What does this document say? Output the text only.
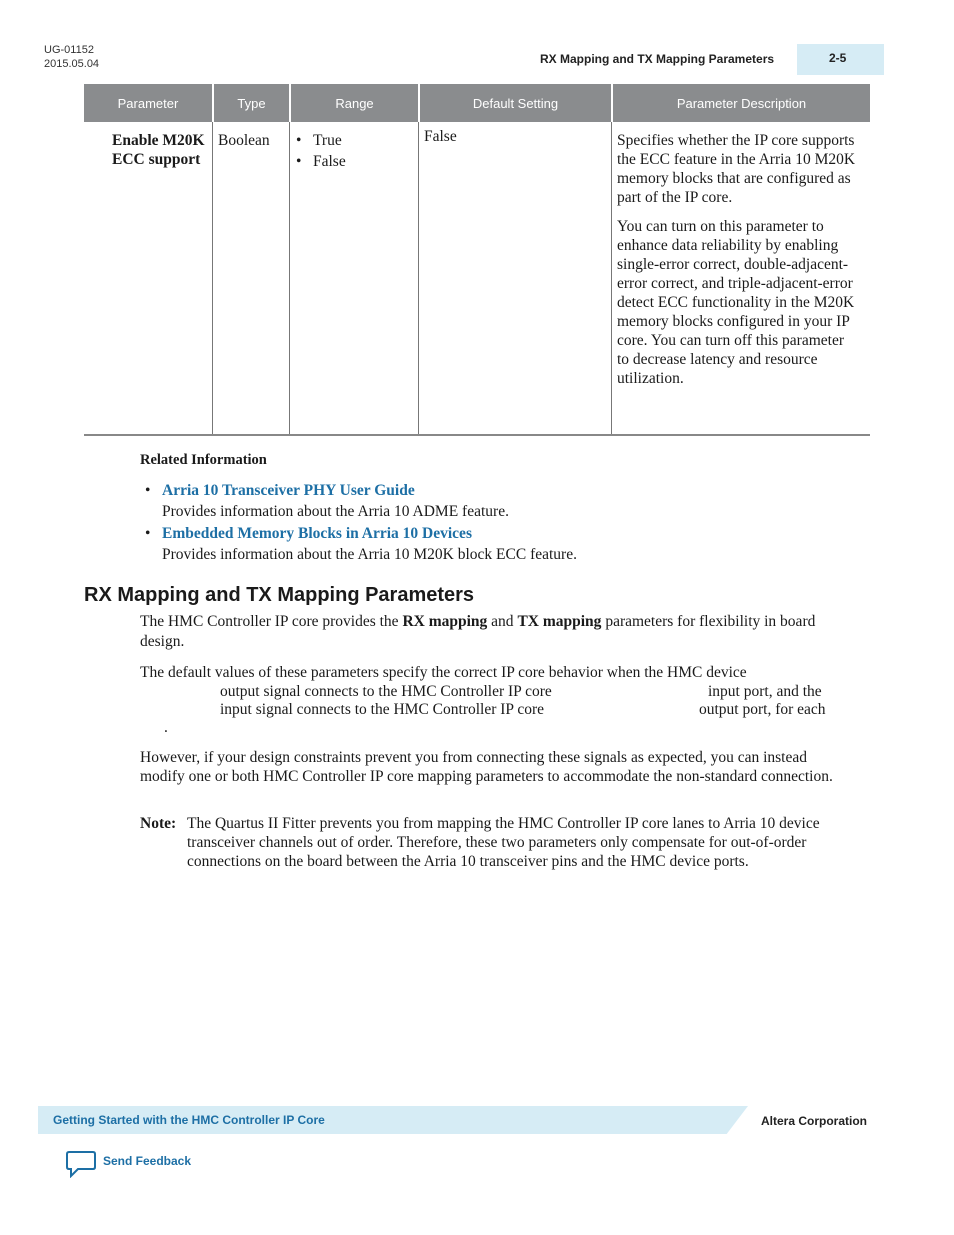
UG-01152
2015.05.04	RX Mapping and TX Mapping Parameters	2-5
Parameter	Type	Range	Default Setting	Parameter Description
Enable M20K ECC support
Boolean
•	True
• False
False	Specifies whether the IP core supports the ECC feature in the Arria 10 M20K memory blocks that are configured as part of the IP core.

You can turn on this parameter to enhance data reliability by enabling single-error correct, double-adjacent-error correct, and triple-adjacent-error detect ECC functionality in the M20K memory blocks configured in your IP core. You can turn off this parameter to decrease latency and resource utilization.

Related Information
• Arria 10 Transceiver PHY User Guide
Provides information about the Arria 10 ADME feature.
• Embedded Memory Blocks in Arria 10 Devices
Provides information about the Arria 10 M20K block ECC feature.
RX Mapping and TX Mapping Parameters
The HMC Controller IP core provides the RX mapping and TX mapping parameters for flexibility in board design.
The default values of these parameters specify the correct IP core behavior when the HMC device
output signal connects to the HMC Controller IP core	input port, and the
input signal connects to the HMC Controller IP core	output port, for each
.
However, if your design constraints prevent you from connecting these signals as expected, you can instead modify one or both HMC Controller IP core mapping parameters to accommodate the non-standard connection.
Note: The Quartus II Fitter prevents you from mapping the HMC Controller IP core lanes to Arria 10 device transceiver channels out of order. Therefore, these two parameters only compensate for out-of-order connections on the board between the Arria 10 transceiver pins and the HMC device ports.
Getting Started with the HMC Controller IP Core	Altera Corporation
Send Feedback
